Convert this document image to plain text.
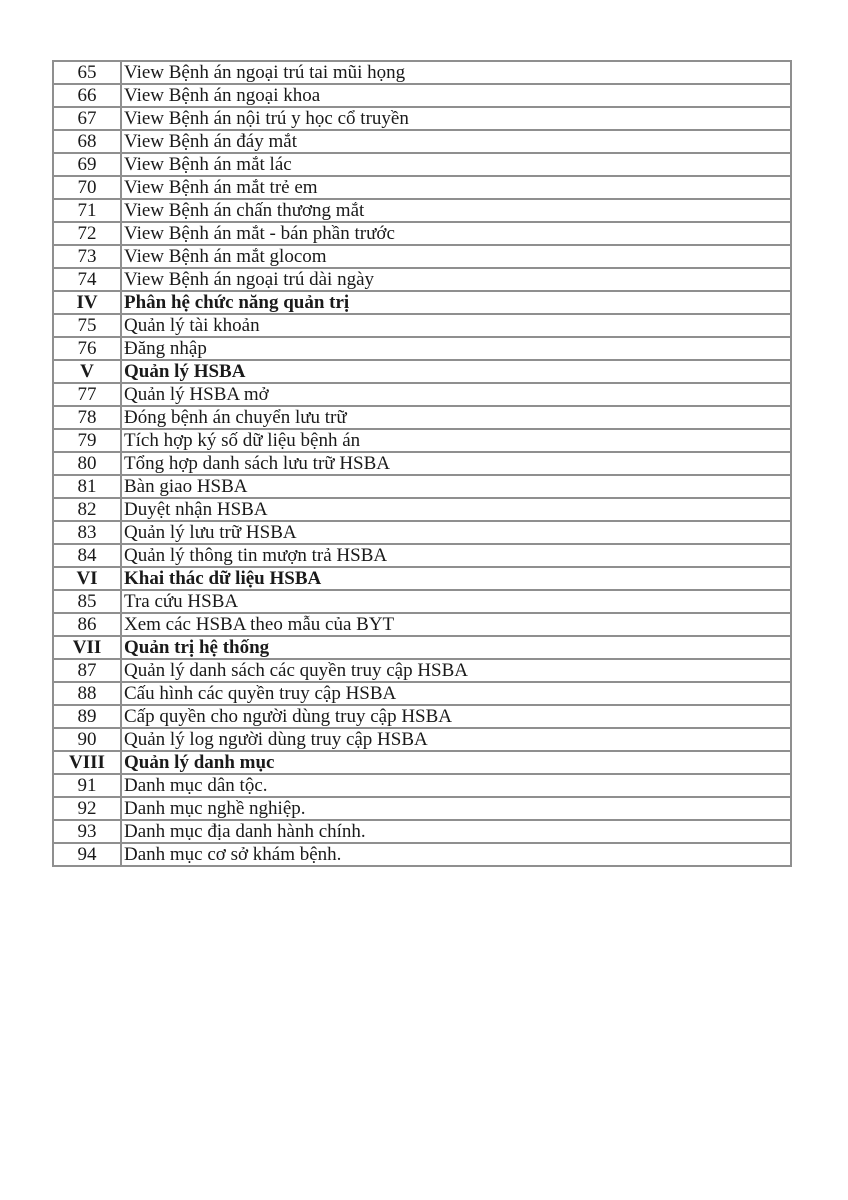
65	View Bệnh án ngoại trú tai mũi họng
66	View Bệnh án ngoại khoa
67	View Bệnh án nội trú y học cổ truyền
68	View Bệnh án đáy mắt
69	View Bệnh án mắt lác
70	View Bệnh án mắt trẻ em
71	View Bệnh án chấn thương mắt
72	View Bệnh án mắt - bán phần trước
73	View Bệnh án mắt glocom
74	View Bệnh án ngoại trú dài ngày
IV	Phân hệ chức năng quản trị
75	Quản lý tài khoản
76	Đăng nhập
V	Quản lý HSBA
77	Quản lý HSBA mở
78	Đóng bệnh án chuyển lưu trữ
79	Tích hợp ký số dữ liệu bệnh án
80	Tổng hợp danh sách lưu trữ HSBA
81	Bàn giao HSBA
82	Duyệt nhận HSBA
83	Quản lý lưu trữ HSBA
84	Quản lý thông tin mượn trả HSBA
VI	Khai thác dữ liệu HSBA
85	Tra cứu HSBA
86	Xem các HSBA theo mẫu của BYT
VII	Quản trị hệ thống
87	Quản lý danh sách các quyền truy cập HSBA
88	Cấu hình các quyền truy cập HSBA
89	Cấp quyền cho người dùng truy cập HSBA
90	Quản lý log người dùng truy cập HSBA
VIII	Quản lý danh mục
91	Danh mục dân tộc.
92	Danh mục nghề nghiệp.
93	Danh mục địa danh hành chính.
94	Danh mục cơ sở khám bệnh.
